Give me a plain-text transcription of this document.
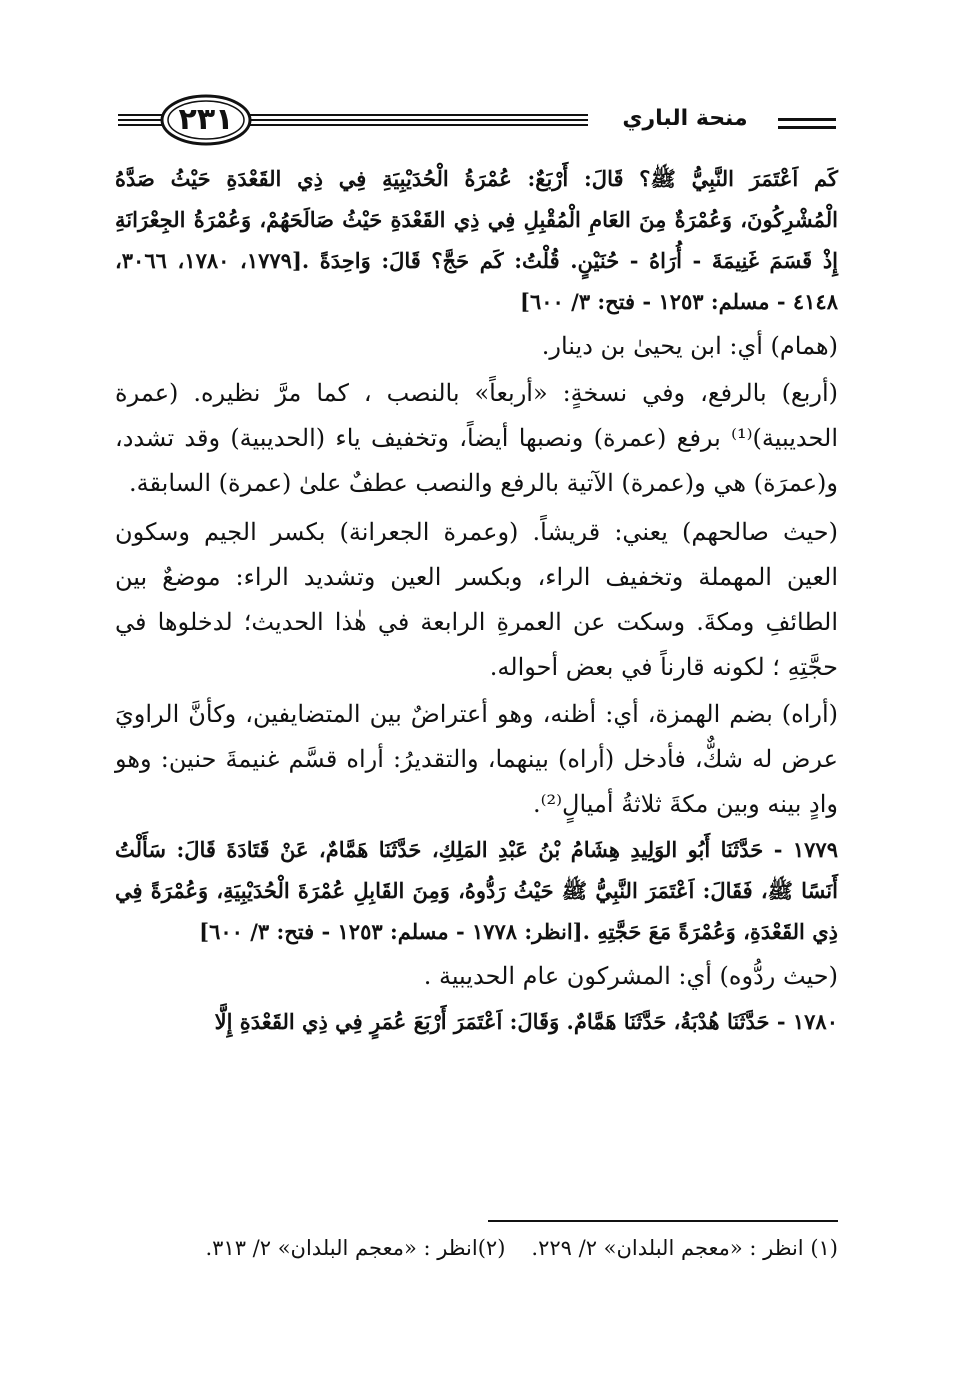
٢٣١	منحة الباري

كَم اَعْتَمَرَ النَّبِيُّ ﷺ؟ قَالَ: أَرْبَعٌ: عُمْرَةُ الْحُدَيْبِيَةِ فِي ذِي القَعْدَةِ حَيْثُ صَدَّهُ الْمُشْرِكُونَ، وَعُمْرَةٌ مِنَ العَامِ الْمُقْبِلِ فِي ذِي القَعْدَةِ حَيْثُ صَالَحَهُمْ، وَعُمْرَةُ الجِعْرَانَةِ إِذْ قَسَمَ غَنِيمَةَ - أُرَاهُ - حُنَيْنٍ. قُلْتُ: كَم حَجَّ؟ قَالَ: وَاحِدَةً .[١٧٧٩، ١٧٨٠، ٣٠٦٦، ٤١٤٨ - مسلم: ١٢٥٣ - فتح: ٣/ ٦٠٠]

(همام) أي: ابن يحيىٰ بن دينار.

(أربع) بالرفع، وفي نسخةٍ: «أربعاً» بالنصب ، كما مرَّ نظيره. (عمرة الحديبية)⁽¹⁾ برفع (عمرة) ونصبها أيضاً، وتخفيف ياء (الحديبية) وقد تشدد، و(عمرَة) هي و(عمرة) الآتية بالرفع والنصب عطفٌ علىٰ (عمرة) السابقة.

(حيث صالحهم) يعني: قريشاً. (وعمرة الجعرانة) بكسر الجيم وسكون العين المهملة وتخفيف الراء، وبكسر العين وتشديد الراء: موضعٌ بين الطائفِ ومكةَ. وسكت عن العمرةِ الرابعة في هٰذا الحديث؛ لدخلوها في حجَّتِهِ ؛ لكونه قارناً في بعض أحواله.

(أراه) بضم الهمزة، أي: أظنه، وهو أعتراضٌ بين المتضايفين، وكأنَّ الراويَ عرض له شكٌّ، فأدخل (أراه) بينهما، والتقديرُ: أراه قسَّم غنيمةَ حنين: وهو وادٍ بينه وبين مكةَ ثلاثةُ أميالٍ⁽²⁾.

١٧٧٩ - حَدَّثَنَا أَبُو الوَلِيدِ هِشَامُ بْنُ عَبْدِ المَلِكِ، حَدَّثَنَا هَمَّامٌ، عَنْ قَتَادَةَ قَالَ: سَأَلْتُ أَنَسًا ﷺ، فَقَالَ: اَعْتَمَرَ النَّبِيُّ ﷺ حَيْثُ رَدُّوهُ، وَمِنَ القَابِلِ عُمْرَةَ الْحُدَيْبِيَةِ، وَعُمْرَةً فِي ذِي القَعْدَةِ، وَعُمْرَةً مَعَ حَجَّتِهِ .[انظر: ١٧٧٨ - مسلم: ١٢٥٣ - فتح: ٣/ ٦٠٠]

(حيث ردُّوه) أي: المشركون عام الحديبية .

١٧٨٠ - حَدَّثَنَا هُدْبَةُ، حَدَّثَنَا هَمَّامٌ. وَقَالَ: اَعْتَمَرَ أَرْبَعَ عُمَرٍ فِي ذِي القَعْدَةِ إِلَّا

(١) انظر : «معجم البلدان» ٢/ ٢٢٩.(٢)انظر : «معجم البلدان» ٢/ ٣١٣.
